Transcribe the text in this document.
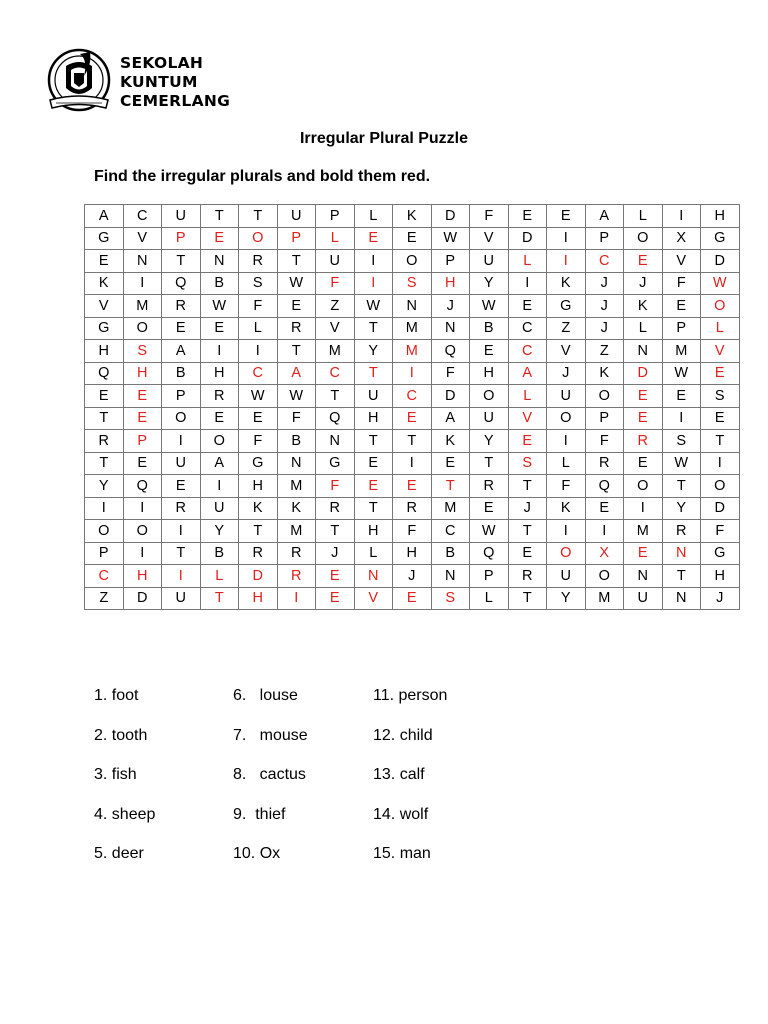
SEKOLAH
KUNTUM
CEMERLANG
Irregular Plural Puzzle
Find the irregular plurals and bold them red.
A	C	U	T	T	U	P	L	K	D	F	E	E	A	L	I	H
G	V	P	E	O	P	L	E	E	W	V	D	I	P	O	X	G
E	N	T	N	R	T	U	I	O	P	U	L	I	C	E	V	D
K	I	Q	B	S	W	F	I	S	H	Y	I	K	J	J	F	W
V	M	R	W	F	E	Z	W	N	J	W	E	G	J	K	E	O
G	O	E	E	L	R	V	T	M	N	B	C	Z	J	L	P	L
H	S	A	I	I	T	M	Y	M	Q	E	C	V	Z	N	M	V
Q	H	B	H	C	A	C	T	I	F	H	A	J	K	D	W	E
E	E	P	R	W	W	T	U	C	D	O	L	U	O	E	E	S
T	E	O	E	E	F	Q	H	E	A	U	V	O	P	E	I	E
R	P	I	O	F	B	N	T	T	K	Y	E	I	F	R	S	T
T	E	U	A	G	N	G	E	I	E	T	S	L	R	E	W	I
Y	Q	E	I	H	M	F	E	E	T	R	T	F	Q	O	T	O
I	I	R	U	K	K	R	T	R	M	E	J	K	E	I	Y	D
O	O	I	Y	T	M	T	H	F	C	W	T	I	I	M	R	F
P	I	T	B	R	R	J	L	H	B	Q	E	O	X	E	N	G
C	H	I	L	D	R	E	N	J	N	P	R	U	O	N	T	H
Z	D	U	T	H	I	E	V	E	S	L	T	Y	M	U	N	J
1. foot
2. tooth
3. fish
4. sheep
5. deer
6.   louse
7.   mouse
8.   cactus
9.  thief
10. Ox
11. person
12. child
13. calf
14. wolf
15. man
